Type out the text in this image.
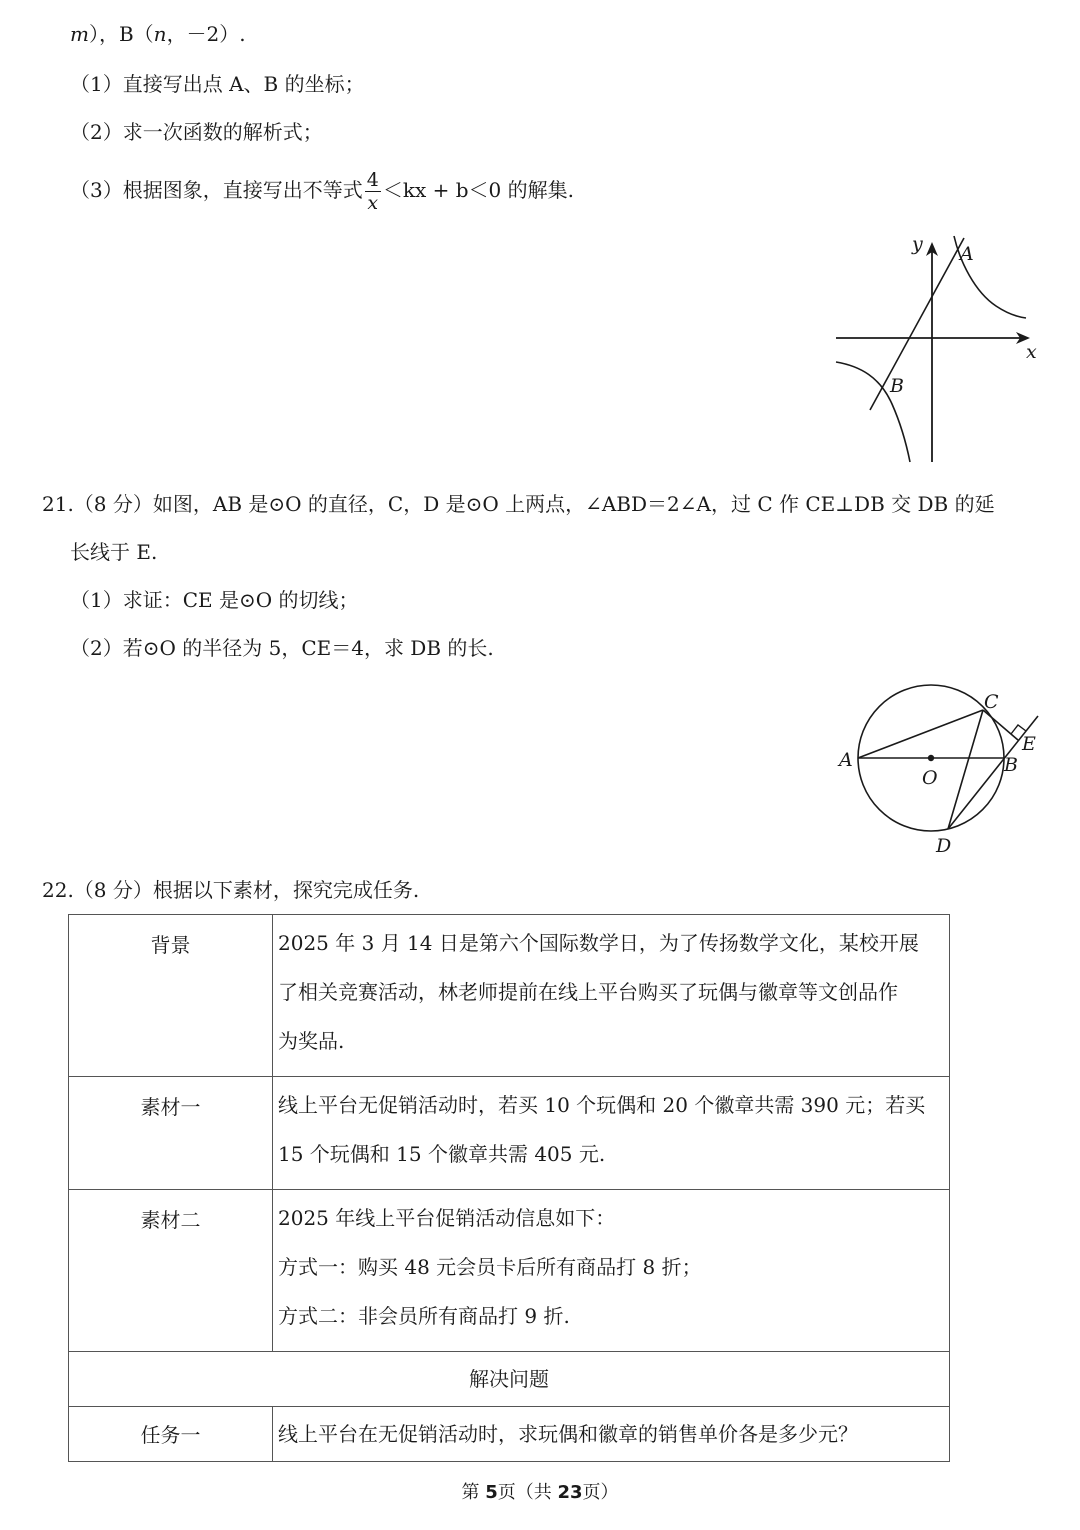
m），B（n，－2）.
（1）直接写出点 A、B 的坐标；
（2）求一次函数的解析式；
（3）根据图象，直接写出不等式 $\frac{4}{x} <kx + b<0$ 的解集.
y
x
A
B
21.（8 分）如图，AB 是⊙O 的直径，C，D 是⊙O 上两点，∠ABD＝2∠A，过 C 作 CE⊥DB 交 DB 的延
长线于 E.
（1）求证：CE 是⊙O 的切线；
（2）若⊙O 的半径为 5，CE＝4，求 DB 的长.
A	B
C
D
E
O
22.（8 分）根据以下素材，探究完成任务.
背景	2025 年 3 月 14 日是第六个国际数学日，为了传扬数学文化，某校开展
了相关竞赛活动，林老师提前在线上平台购买了玩偶与徽章等文创品作
为奖品.

素材一	线上平台无促销活动时，若买 10 个玩偶和 20 个徽章共需 390 元；若买
15 个玩偶和 15 个徽章共需 405 元.

素材二	2025 年线上平台促销活动信息如下：
方式一：购买 48 元会员卡后所有商品打 8 折；
方式二：非会员所有商品打 9 折.

解决问题	
任务一	线上平台在无促销活动时，求玩偶和徽章的销售单价各是多少元？
第 5页（共 23页）
